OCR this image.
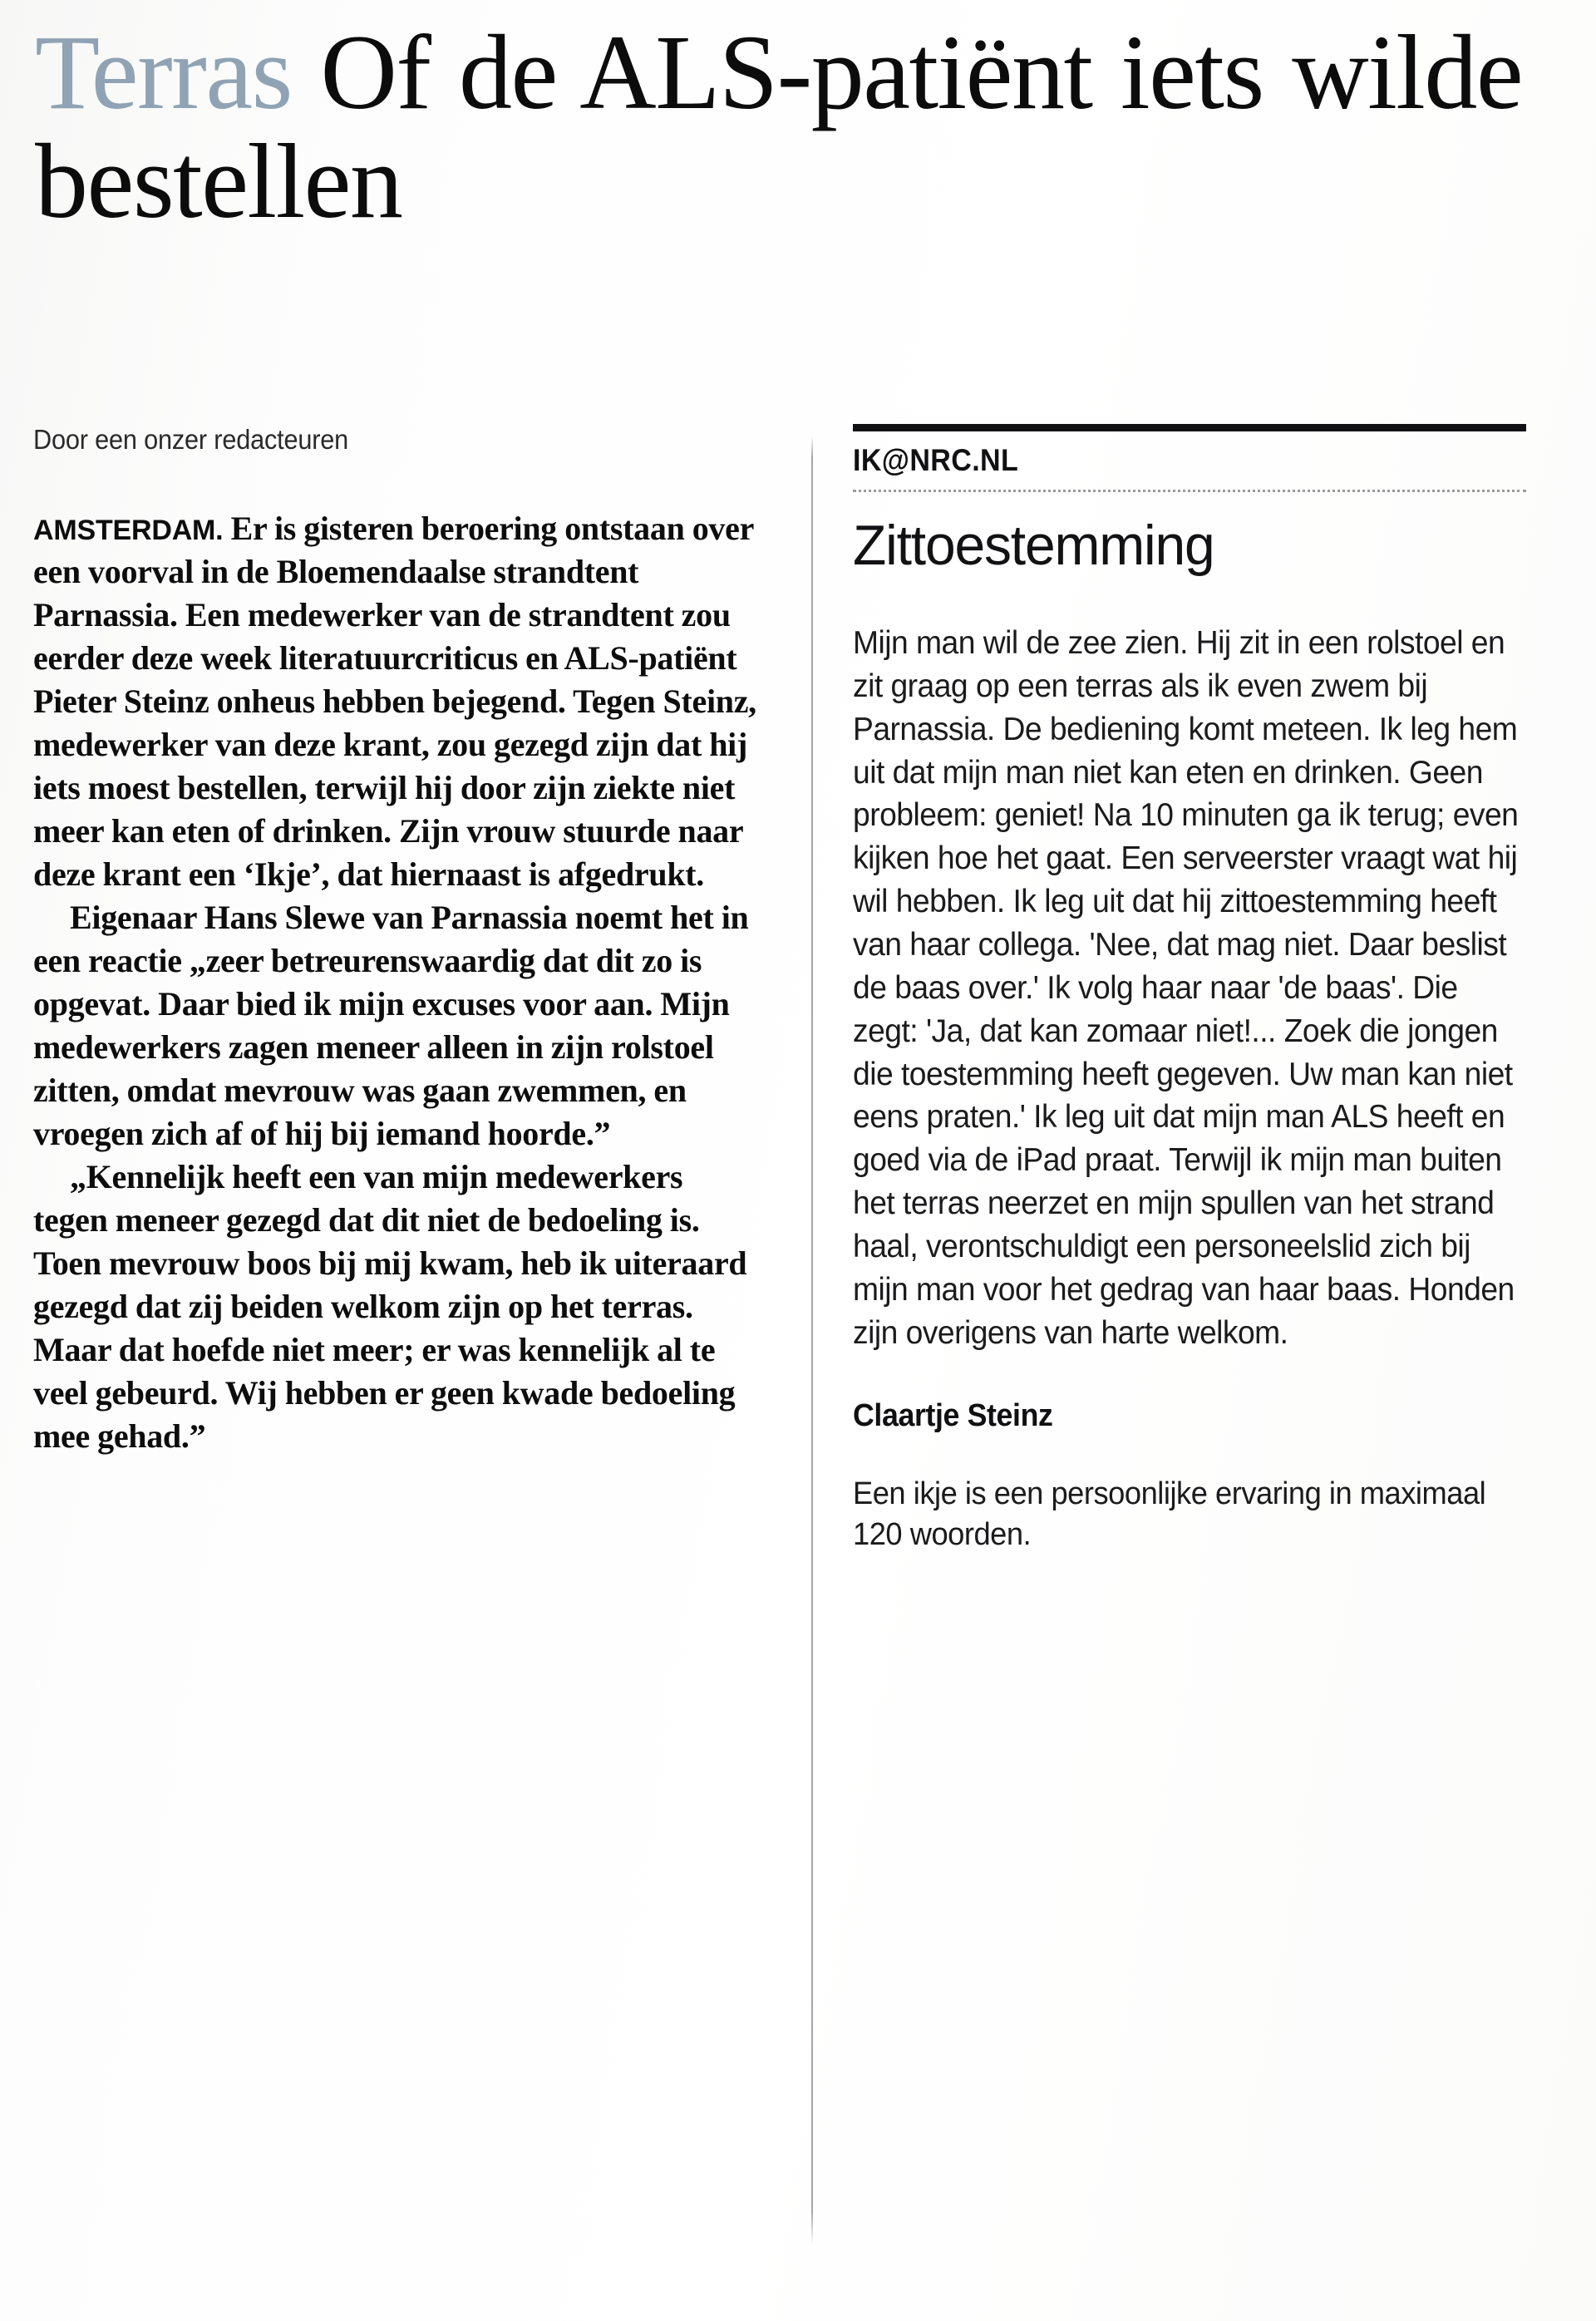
Terras Of de ALS-patiënt iets wilde bestellen
Door een onzer redacteuren

AMSTERDAM. Er is gisteren beroering ontstaan over een voorval in de Bloemendaalse strandtent Parnassia. Een medewerker van de strandtent zou eerder deze week literatuurcriticus en ALS-patiënt Pieter Steinz onheus hebben bejegend. Tegen Steinz, medewerker van deze krant, zou gezegd zijn dat hij iets moest bestellen, terwijl hij door zijn ziekte niet meer kan eten of drinken. Zijn vrouw stuurde naar deze krant een ‘Ikje’, dat hiernaast is afgedrukt.

Eigenaar Hans Slewe van Parnassia noemt het in een reactie „zeer betreurenswaardig dat dit zo is opgevat. Daar bied ik mijn excuses voor aan. Mijn medewerkers zagen meneer alleen in zijn rolstoel zitten, omdat mevrouw was gaan zwemmen, en vroegen zich af of hij bij iemand hoorde.”

„Kennelijk heeft een van mijn medewerkers tegen meneer gezegd dat dit niet de bedoeling is. Toen mevrouw boos bij mij kwam, heb ik uiteraard gezegd dat zij beiden welkom zijn op het terras. Maar dat hoefde niet meer; er was kennelijk al te veel gebeurd. Wij hebben er geen kwade bedoeling mee gehad.”

IK@NRC.NL
Zittoestemming

Mijn man wil de zee zien. Hij zit in een rolstoel en zit graag op een terras als ik even zwem bij Parnassia. De bediening komt meteen. Ik leg hem uit dat mijn man niet kan eten en drinken. Geen probleem: geniet! Na 10 minuten ga ik terug; even kijken hoe het gaat. Een serveerster vraagt wat hij wil hebben. Ik leg uit dat hij zittoestemming heeft van haar collega. 'Nee, dat mag niet. Daar beslist de baas over.' Ik volg haar naar 'de baas'. Die zegt: 'Ja, dat kan zomaar niet!... Zoek die jongen die toestemming heeft gegeven. Uw man kan niet eens praten.' Ik leg uit dat mijn man ALS heeft en goed via de iPad praat. Terwijl ik mijn man buiten het terras neerzet en mijn spullen van het strand haal, verontschuldigt een personeelslid zich bij mijn man voor het gedrag van haar baas. Honden zijn overigens van harte welkom.

Claartje Steinz

Een ikje is een persoonlijke ervaring in maximaal 120 woorden.
